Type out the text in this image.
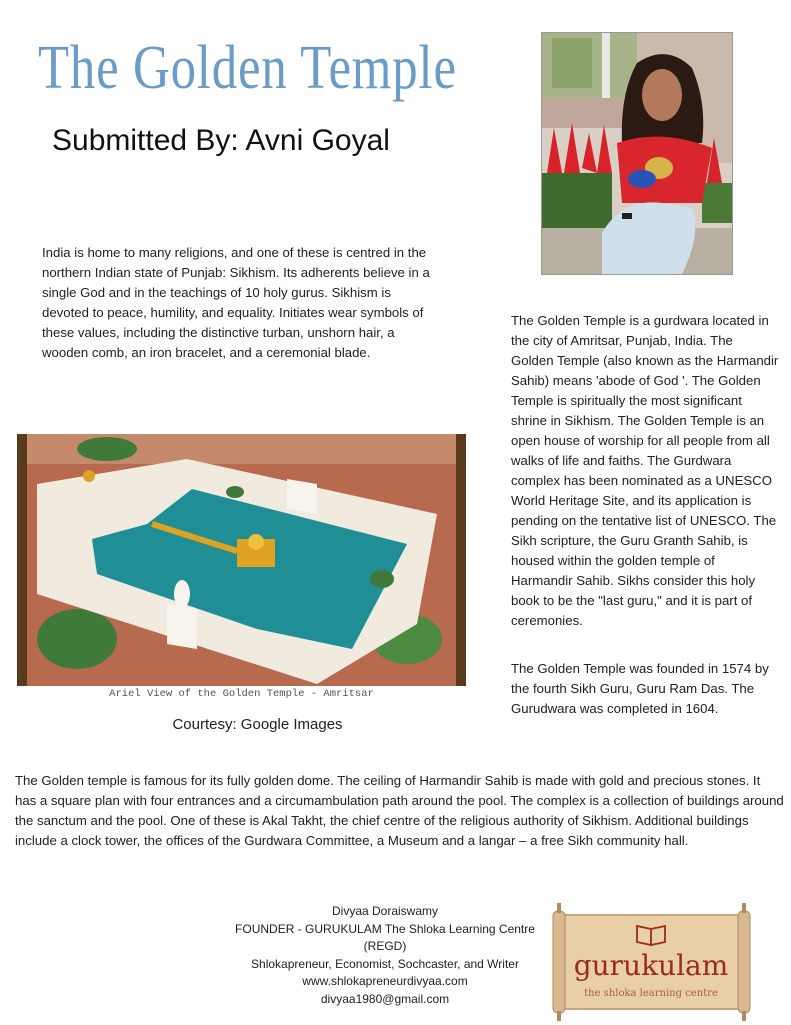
The Golden Temple
Submitted By: Avni Goyal
India is home to many religions, and one of these is centred in the northern Indian state of Punjab: Sikhism. Its adherents believe in a single God and in the teachings of 10 holy gurus. Sikhism is devoted to peace, humility, and equality. Initiates wear symbols of these values, including the distinctive turban, unshorn hair, a wooden comb, an iron bracelet, and a ceremonial blade.
The Golden Temple is a gurdwara located in the city of Amritsar, Punjab, India. The Golden Temple (also known as the Harmandir Sahib) means 'abode of God '. The Golden Temple is spiritually the most significant shrine in Sikhism. The Golden Temple is an open house of worship for all people from all walks of life and faiths. The Gurdwara complex has been nominated as a UNESCO World Heritage Site, and its application is pending on the tentative list of UNESCO. The Sikh scripture, the Guru Granth Sahib, is housed within the golden temple of Harmandir Sahib. Sikhs consider this holy book to be the "last guru," and it is part of ceremonies.
The Golden Temple was founded in 1574 by the fourth Sikh Guru, Guru Ram Das. The Gurudwara was completed in 1604.
Ariel View of the Golden Temple - Amritsar
Courtesy: Google Images
The Golden temple is famous for its fully golden dome. The ceiling of Harmandir Sahib is made with gold and precious stones. It has a square plan with four entrances and a circumambulation path around the pool. The complex is a collection of buildings around the sanctum and the pool. One of these is Akal Takht, the chief centre of the religious authority of Sikhism. Additional buildings include a clock tower, the offices of the Gurdwara Committee, a Museum and a langar – a free Sikh community hall.
Divyaa Doraiswamy
FOUNDER - GURUKULAM The Shloka Learning Centre (REGD)
Shlokapreneur, Economist, Sochcaster, and Writer
www.shlokapreneurdivyaa.com
divyaa1980@gmail.com
gurukulam
the shloka learning centre
